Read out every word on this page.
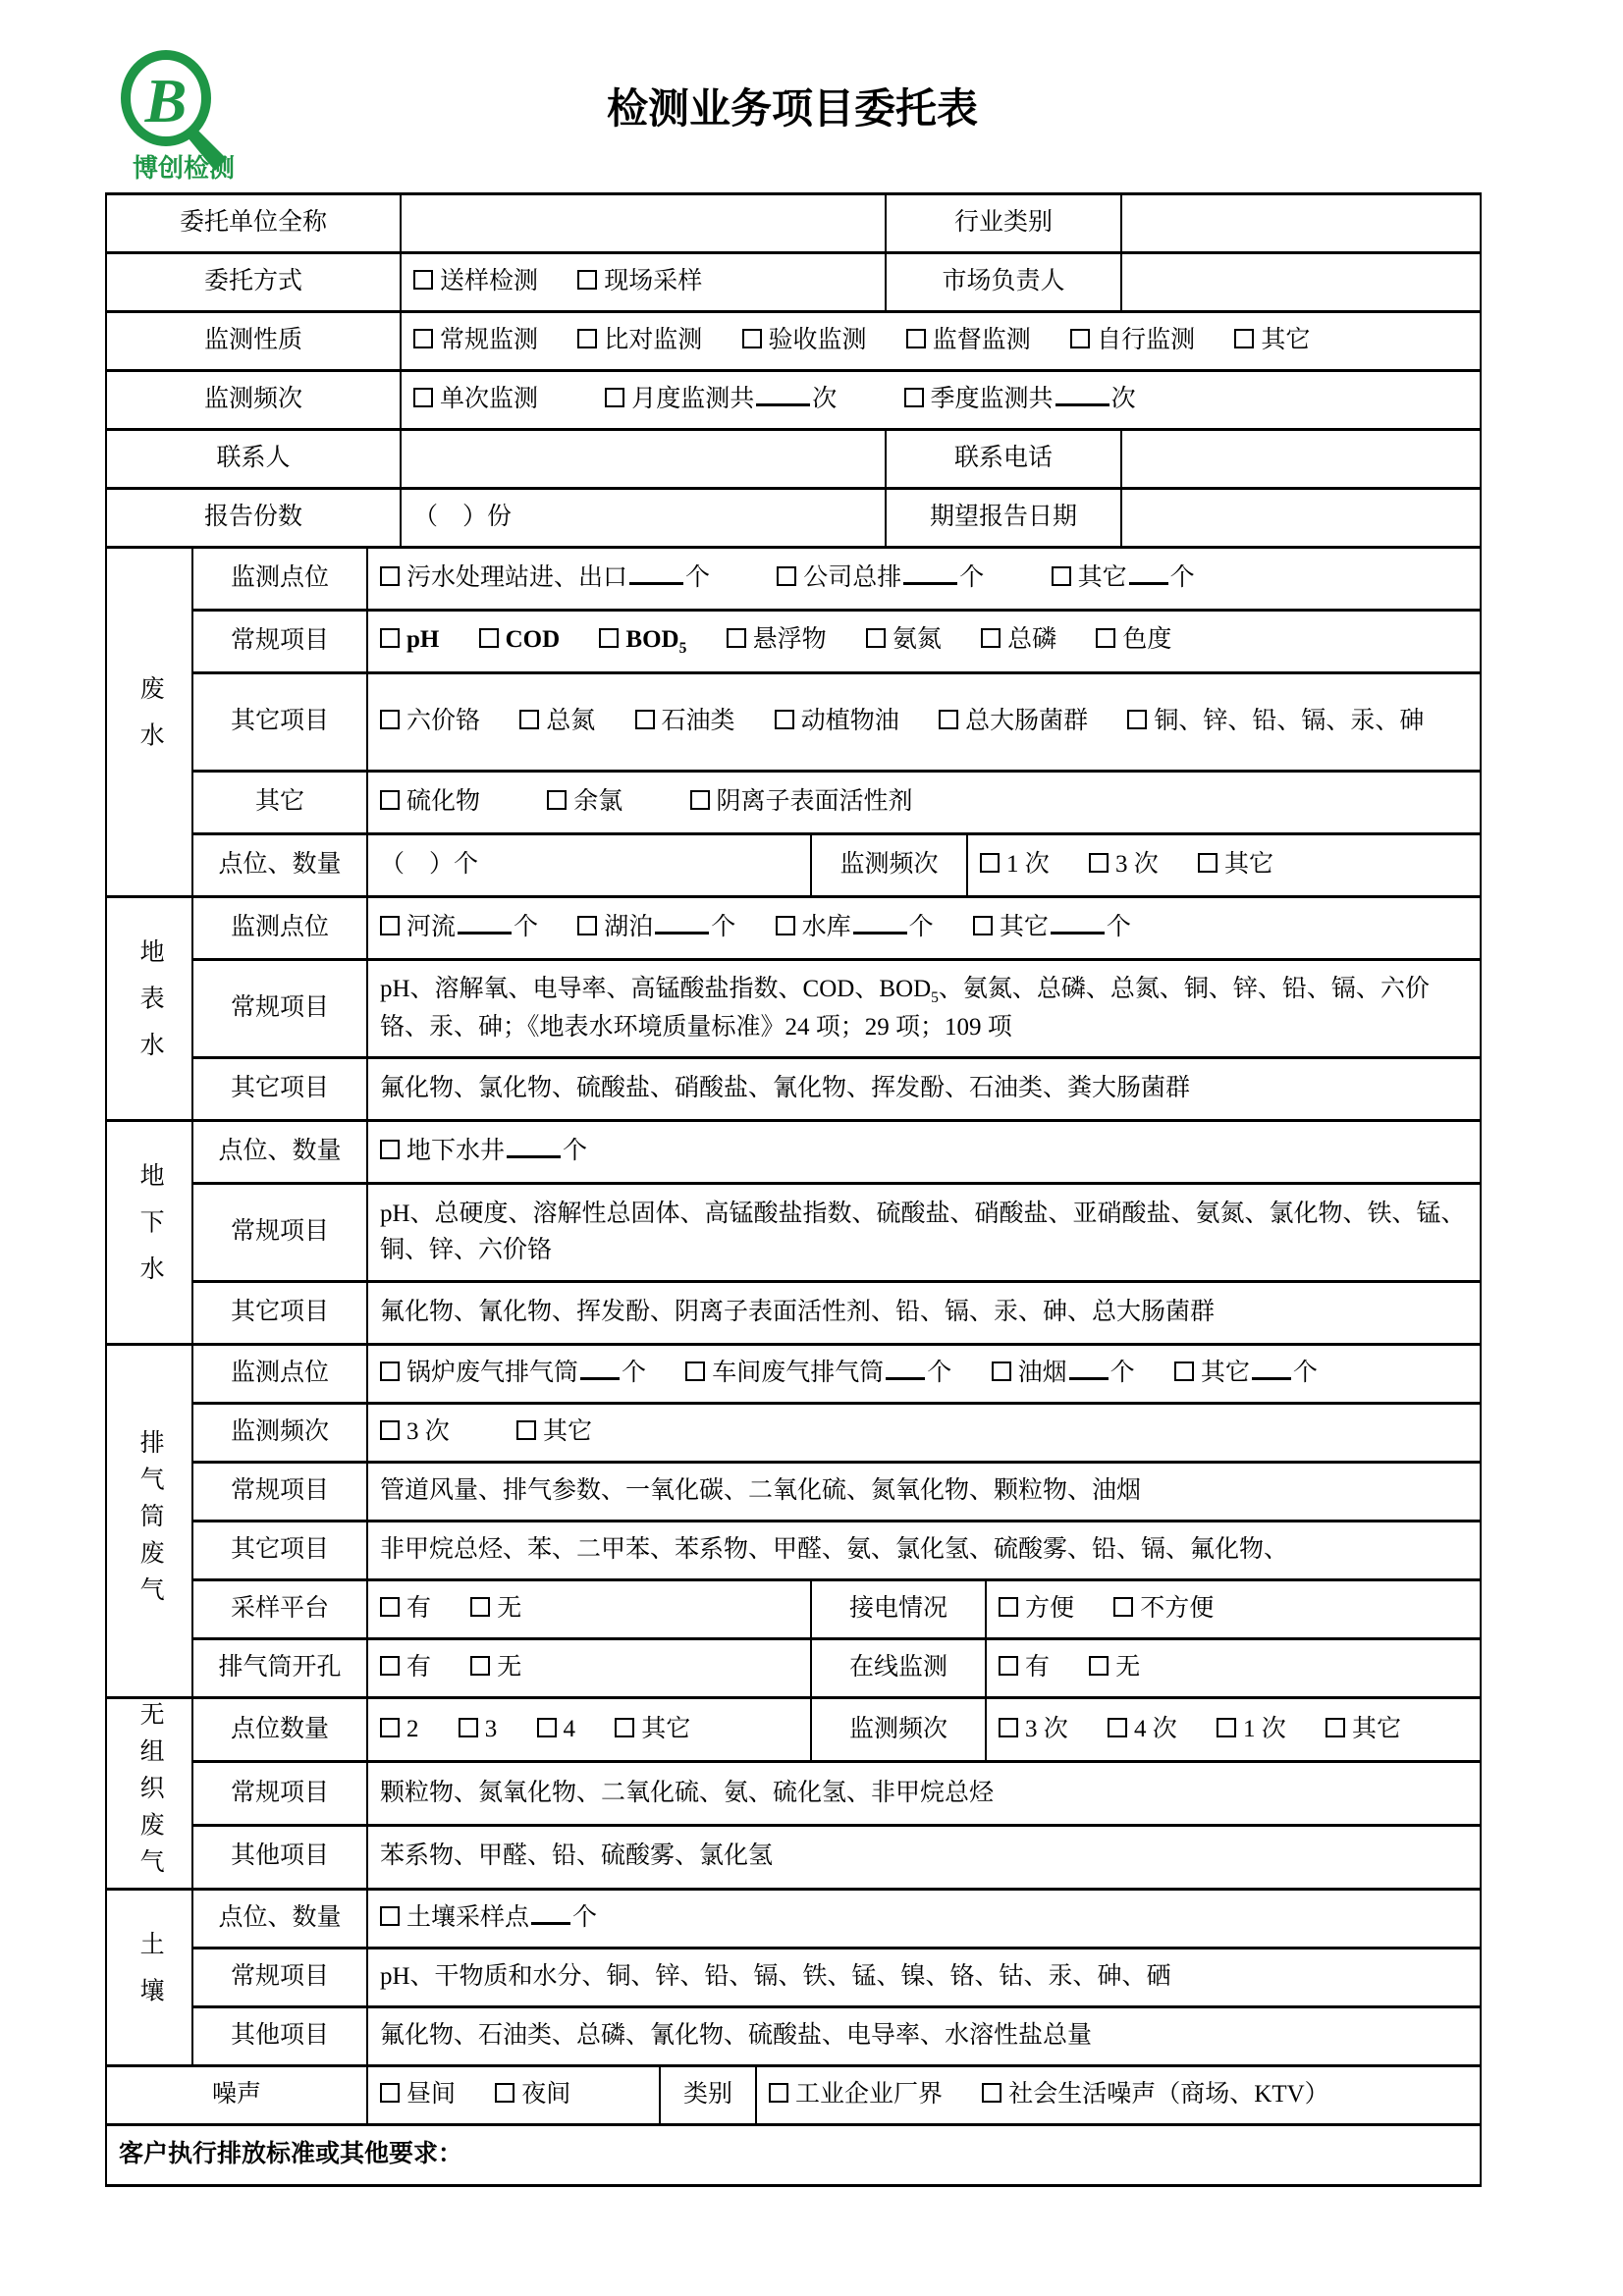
B
博创检测
检测业务项目委托表
委托单位全称		行业类别	
委托方式	送样检测 现场采样	市场负责人	
监测性质	常规监测 比对监测 验收监测 监督监测 自行监测 其它		
监测频次	单次监测 月度监测共 次 季度监测共 次		
联系人		联系电话	
报告份数	（　）份	期望报告日期	
废水	监测点位	污水处理站进、出口 个 公司总排 个 其它 个		
	常规项目	pH COD $BOD_5$ 悬浮物 氨氮 总磷 色度		
	其它项目	六价铬 总氮 石油类 动植物油 总大肠菌群 铜、锌、铅、镉、汞、砷		
	其它	硫化物 余氯 阴离子表面活性剂		
	点位、数量	（　）个	监测频次	1 次 3 次 其它
地表水	监测点位	河流 个 湖泊 个 水库 个 其它 个
	常规项目	pH、溶解氧、电导率、高锰酸盐指数、COD、$BOD_5$、氨氮、总磷、总氮、铜、锌、铅、镉、六价铬、汞、砷；《地表水环境质量标准》24 项；29 项；109 项
	其它项目	氟化物、氯化物、硫酸盐、硝酸盐、氰化物、挥发酚、石油类、粪大肠菌群
地下水	点位、数量	地下水井 个
	常规项目	pH、总硬度、溶解性总固体、高锰酸盐指数、硫酸盐、硝酸盐、亚硝酸盐、氨氮、氯化物、铁、锰、铜、锌、六价铬
	其它项目	氟化物、氰化物、挥发酚、阴离子表面活性剂、铅、镉、汞、砷、总大肠菌群
排气筒废气	监测点位	锅炉废气排气筒 个 车间废气排气筒 个 油烟 个 其它 个		
	监测频次	3 次 其它		
	常规项目	管道风量、排气参数、一氧化碳、二氧化硫、氮氧化物、颗粒物、油烟		
	其它项目	非甲烷总烃、苯、二甲苯、苯系物、甲醛、氨、氯化氢、硫酸雾、铅、镉、氟化物、		
	采样平台	有 无	接电情况	方便 不方便
	排气筒开孔	有 无	在线监测	有 无
无组织废气	点位数量	2 3 4 其它	监测频次	3 次 4 次 1 次 其它
	常规项目	颗粒物、氮氧化物、二氧化硫、氨、硫化氢、非甲烷总烃		
	其他项目	苯系物、甲醛、铅、硫酸雾、氯化氢		
土壤	点位、数量	土壤采样点 个
	常规项目	pH、干物质和水分、铜、锌、铅、镉、铁、锰、镍、铬、钴、汞、砷、硒
	其他项目	氟化物、石油类、总磷、氰化物、硫酸盐、电导率、水溶性盐总量
噪声	昼间	夜间	类别	工业企业厂界	社会生活噪声（商场、KTV）
客户执行排放标准或其他要求：
